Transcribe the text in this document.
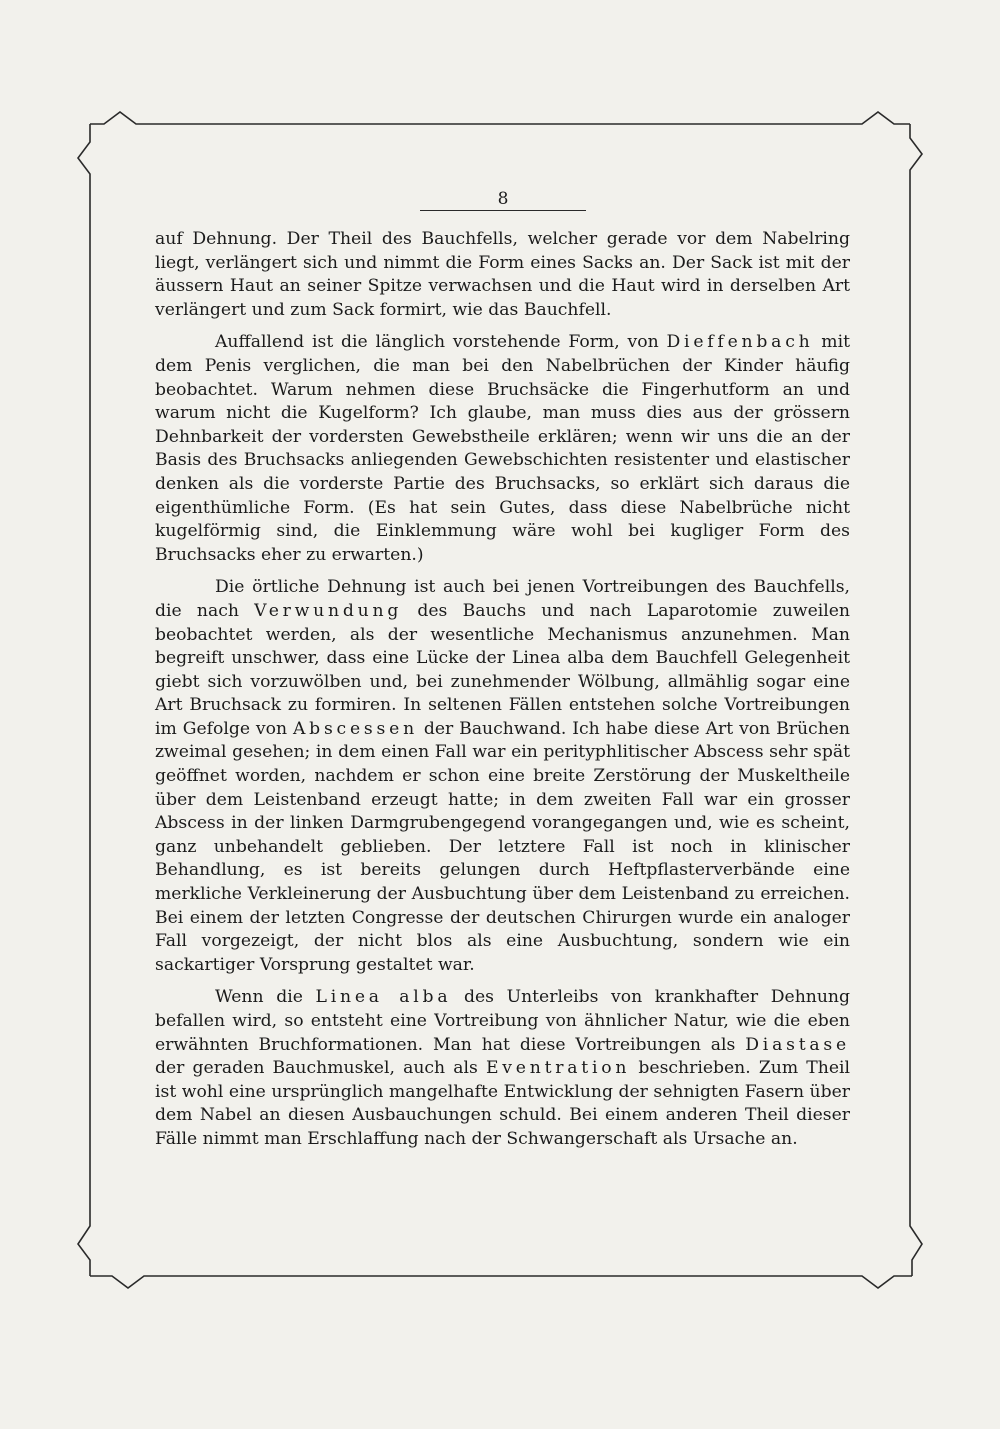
8

auf Dehnung. Der Theil des Bauchfells, welcher gerade vor dem Nabelring liegt, verlängert sich und nimmt die Form eines Sacks an. Der Sack ist mit der äussern Haut an seiner Spitze verwachsen und die Haut wird in derselben Art verlängert und zum Sack formirt, wie das Bauchfell.

Auffallend ist die länglich vorstehende Form, von Dieffenbach mit dem Penis verglichen, die man bei den Nabelbrüchen der Kinder häufig beobachtet. Warum nehmen diese Bruchsäcke die Fingerhutform an und warum nicht die Kugelform? Ich glaube, man muss dies aus der grössern Dehnbarkeit der vordersten Gewebstheile erklären; wenn wir uns die an der Basis des Bruchsacks anliegenden Gewebschichten resistenter und elastischer denken als die vorderste Partie des Bruchsacks, so erklärt sich daraus die eigenthümliche Form. (Es hat sein Gutes, dass diese Nabelbrüche nicht kugelförmig sind, die Einklemmung wäre wohl bei kugliger Form des Bruchsacks eher zu erwarten.)

Die örtliche Dehnung ist auch bei jenen Vortreibungen des Bauchfells, die nach Verwundung des Bauchs und nach Laparotomie zuweilen beobachtet werden, als der wesentliche Mechanismus anzunehmen. Man begreift unschwer, dass eine Lücke der Linea alba dem Bauchfell Gelegenheit giebt sich vorzuwölben und, bei zunehmender Wölbung, allmählig sogar eine Art Bruchsack zu formiren. In seltenen Fällen entstehen solche Vortreibungen im Gefolge von Abscessen der Bauchwand. Ich habe diese Art von Brüchen zweimal gesehen; in dem einen Fall war ein perityphlitischer Abscess sehr spät geöffnet worden, nachdem er schon eine breite Zerstörung der Muskeltheile über dem Leistenband erzeugt hatte; in dem zweiten Fall war ein grosser Abscess in der linken Darmgrubengegend vorangegangen und, wie es scheint, ganz unbehandelt geblieben. Der letztere Fall ist noch in klinischer Behandlung, es ist bereits gelungen durch Heftpflasterverbände eine merkliche Verkleinerung der Ausbuchtung über dem Leistenband zu erreichen. Bei einem der letzten Congresse der deutschen Chirurgen wurde ein analoger Fall vorgezeigt, der nicht blos als eine Ausbuchtung, sondern wie ein sackartiger Vorsprung gestaltet war.

Wenn die Linea alba des Unterleibs von krankhafter Dehnung befallen wird, so entsteht eine Vortreibung von ähnlicher Natur, wie die eben erwähnten Bruchformationen. Man hat diese Vortreibungen als Diastase der geraden Bauchmuskel, auch als Eventration beschrieben. Zum Theil ist wohl eine ursprünglich mangelhafte Entwicklung der sehnigten Fasern über dem Nabel an diesen Ausbauchungen schuld. Bei einem anderen Theil dieser Fälle nimmt man Erschlaffung nach der Schwangerschaft als Ursache an.
